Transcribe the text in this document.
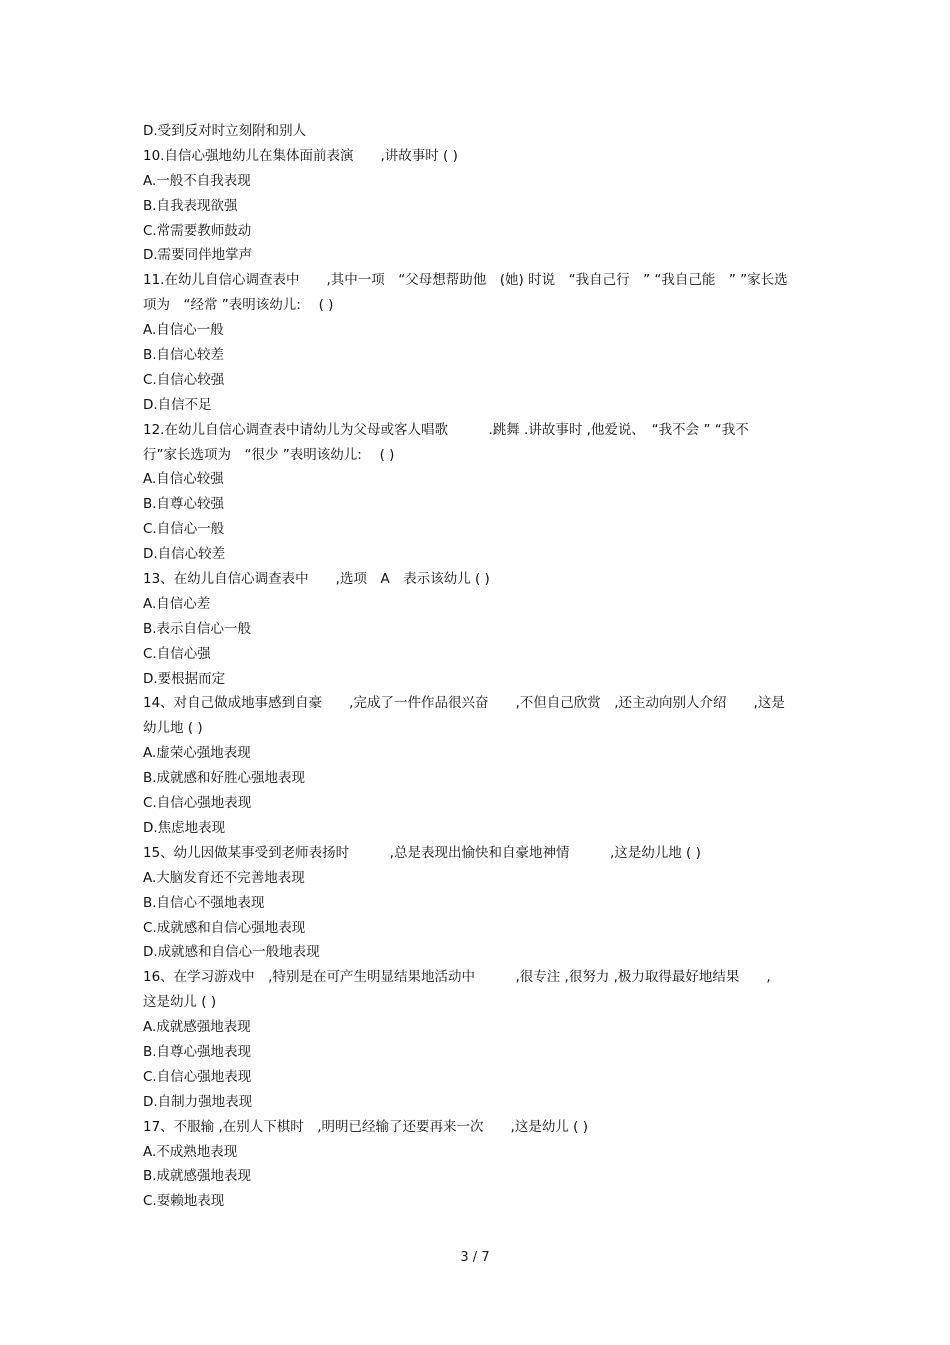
D.受到反对时立刻附和别人
10.自信心强地幼儿在集体面前表演　　,讲故事时 ( )
A.一般不自我表现
B.自我表现欲强
C.常需要教师鼓动
D.需要同伴地掌声
11.在幼儿自信心调查表中　　,其中一项　“父母想帮助他　(她) 时说　“我自己行　” “我自己能　” ”家长选
项为　“经常 ”表明该幼儿:　 ( )
A.自信心一般
B.自信心较差
C.自信心较强
D.自信不足
12.在幼儿自信心调查表中请幼儿为父母或客人唱歌　　　.跳舞 .讲故事时 ,他爱说、　“我不会 ” “我不
行”家长选项为　“很少 ”表明该幼儿:　 ( )
A.自信心较强
B.自尊心较强
C.自信心一般
D.自信心较差
13、在幼儿自信心调查表中　　,选项　A　表示该幼儿 ( )
A.自信心差
B.表示自信心一般
C.自信心强
D.要根据而定
14、对自己做成地事感到自豪　　,完成了一件作品很兴奋　　,不但自己欣赏　,还主动向别人介绍　　,这是
幼儿地 ( )
A.虚荣心强地表现
B.成就感和好胜心强地表现
C.自信心强地表现
D.焦虑地表现
15、幼儿因做某事受到老师表扬时　　　,总是表现出愉快和自豪地神情　　　,这是幼儿地 ( )
A.大脑发育还不完善地表现
B.自信心不强地表现
C.成就感和自信心强地表现
D.成就感和自信心一般地表现
16、在学习游戏中　,特别是在可产生明显结果地活动中　　　,很专注 ,很努力 ,极力取得最好地结果　　,
这是幼儿 ( )
A.成就感强地表现
B.自尊心强地表现
C.自信心强地表现
D.自制力强地表现
17、不服输 ,在别人下棋时　,明明已经输了还要再来一次　　,这是幼儿 ( )
A.不成熟地表现
B.成就感强地表现
C.耍赖地表现
3 / 7
